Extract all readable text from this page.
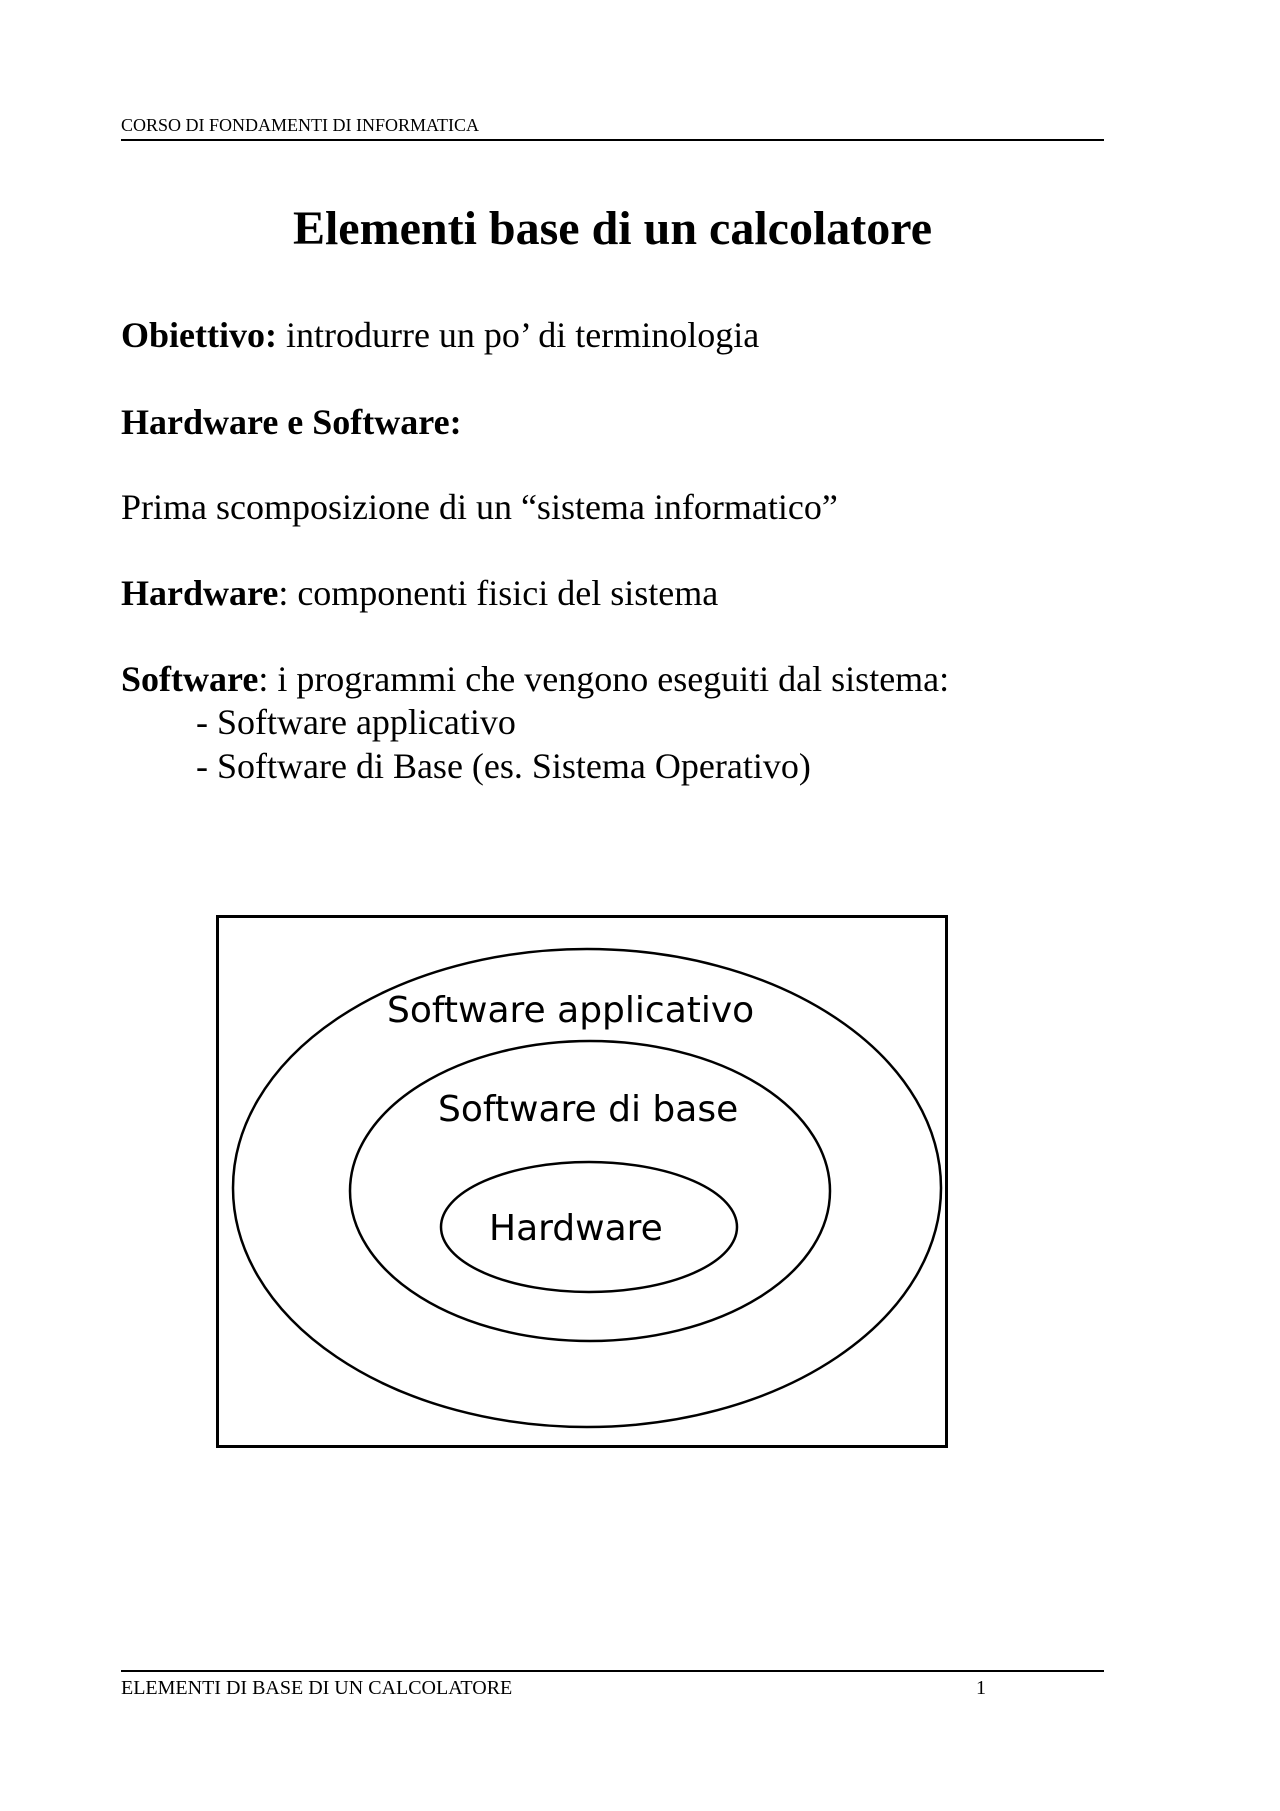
CORSO DI FONDAMENTI DI INFORMATICA
Elementi base di un calcolatore

Obiettivo: introdurre un po’ di terminologia

Hardware e Software:

Prima scomposizione di un “sistema informatico”

Hardware: componenti fisici del sistema

Software: i programmi che vengono eseguiti dal sistema:

- Software applicativo
- Software di Base (es. Sistema Operativo)
Software applicativo
Software di base
Hardware
ELEMENTI DI BASE DI UN CALCOLATORE	1
